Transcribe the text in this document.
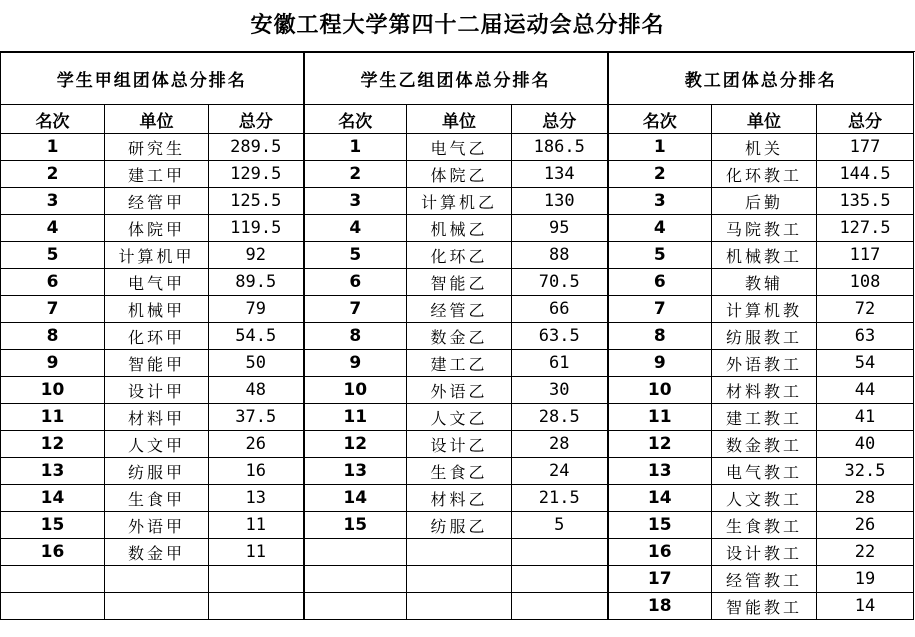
安徽工程大学第四十二届运动会总分排名
学生甲组团体总分排名			学生乙组团体总分排名			教工团体总分排名		
名次	单位	总分	名次	单位	总分	名次	单位	总分
1	研究生	289.5	1	电气乙	186.5	1	机关	177
2	建工甲	129.5	2	体院乙	134	2	化环教工	144.5
3	经管甲	125.5	3	计算机乙	130	3	后勤	135.5
4	体院甲	119.5	4	机械乙	95	4	马院教工	127.5
5	计算机甲	92	5	化环乙	88	5	机械教工	117
6	电气甲	89.5	6	智能乙	70.5	6	教辅	108
7	机械甲	79	7	经管乙	66	7	计算机教	72
8	化环甲	54.5	8	数金乙	63.5	8	纺服教工	63
9	智能甲	50	9	建工乙	61	9	外语教工	54
10	设计甲	48	10	外语乙	30	10	材料教工	44
11	材料甲	37.5	11	人文乙	28.5	11	建工教工	41
12	人文甲	26	12	设计乙	28	12	数金教工	40
13	纺服甲	16	13	生食乙	24	13	电气教工	32.5
14	生食甲	13	14	材料乙	21.5	14	人文教工	28
15	外语甲	11	15	纺服乙	5	15	生食教工	26
16	数金甲	11				16	设计教工	22
						17	经管教工	19
						18	智能教工	14
